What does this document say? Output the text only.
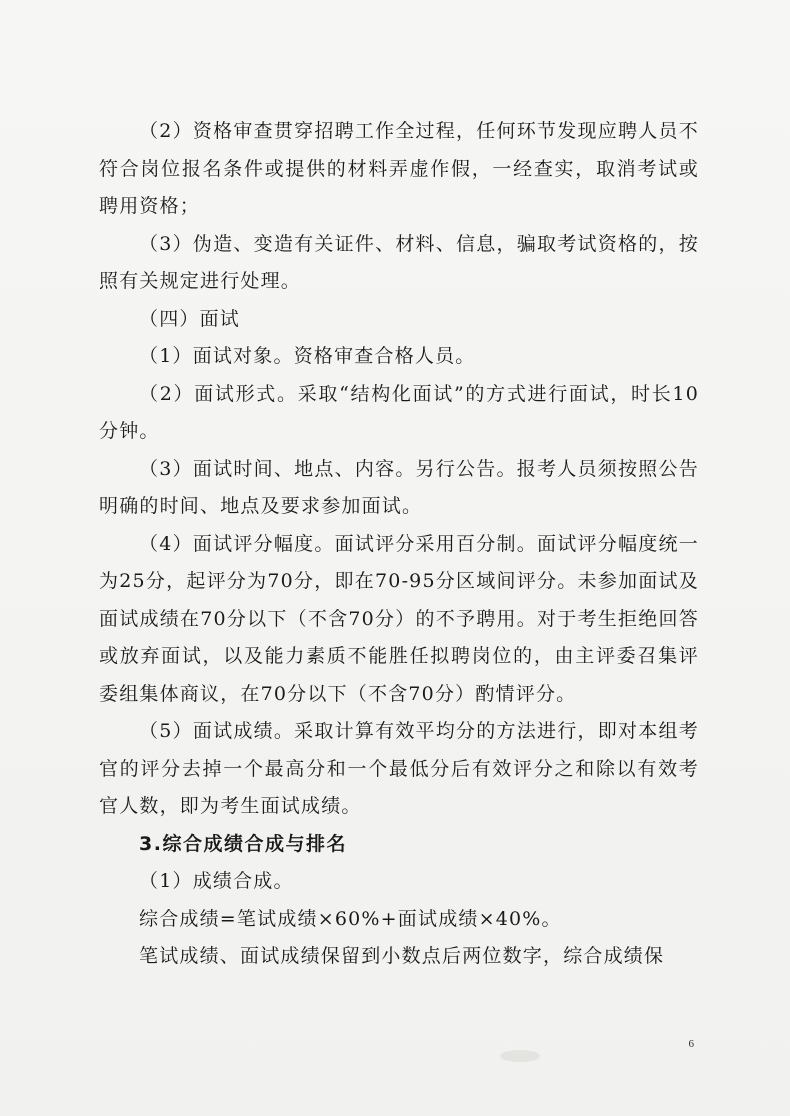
（2）资格审查贯穿招聘工作全过程，任何环节发现应聘人员不符合岗位报名条件或提供的材料弄虚作假，一经查实，取消考试或聘用资格；

（3）伪造、变造有关证件、材料、信息，骗取考试资格的，按照有关规定进行处理。

（四）面试

（1）面试对象。资格审查合格人员。

（2）面试形式。采取“结构化面试”的方式进行面试，时长10分钟。

（3）面试时间、地点、内容。另行公告。报考人员须按照公告明确的时间、地点及要求参加面试。

（4）面试评分幅度。面试评分采用百分制。面试评分幅度统一为25分，起评分为70分，即在70-95分区域间评分。未参加面试及面试成绩在70分以下（不含70分）的不予聘用。对于考生拒绝回答或放弃面试，以及能力素质不能胜任拟聘岗位的，由主评委召集评委组集体商议，在70分以下（不含70分）酌情评分。

（5）面试成绩。采取计算有效平均分的方法进行，即对本组考官的评分去掉一个最高分和一个最低分后有效评分之和除以有效考官人数，即为考生面试成绩。

3.综合成绩合成与排名

（1）成绩合成。

综合成绩=笔试成绩×60%+面试成绩×40%。

笔试成绩、面试成绩保留到小数点后两位数字，综合成绩保

6
